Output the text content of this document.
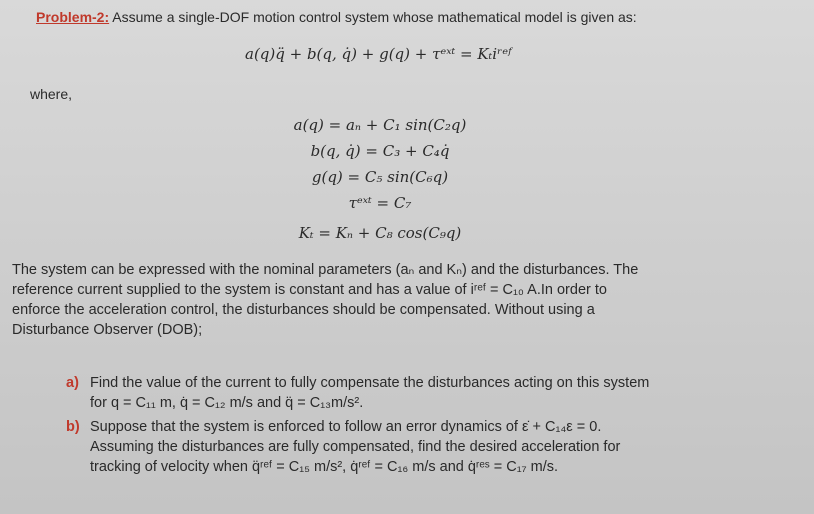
Problem-2: Assume a single-DOF motion control system whose mathematical model is given as:
a(q)q̈ + b(q, q̇) + g(q) + τᵉˣᵗ = Kₜiʳᵉᶠ
where,
a(q) = aₙ + C₁ sin(C₂q)
b(q, q̇) = C₃ + C₄q̇
g(q) = C₅ sin(C₆q)
τᵉˣᵗ = C₇
Kₜ = Kₙ + C₈ cos(C₉q)
The system can be expressed with the nominal parameters (aₙ and Kₙ) and the disturbances. The
reference current supplied to the system is constant and has a value of iʳᵉᶠ = C₁₀ A.In order to
enforce the acceleration control, the disturbances should be compensated. Without using a
Disturbance Observer (DOB);
a) Find the value of the current to fully compensate the disturbances acting on this system
for q = C₁₁ m, q̇ = C₁₂ m/s and q̈ = C₁₃m/s².
b) Suppose that the system is enforced to follow an error dynamics of ε̇ + C₁₄ε = 0.
Assuming the disturbances are fully compensated, find the desired acceleration for
tracking of velocity when q̈ʳᵉᶠ = C₁₅ m/s², q̇ʳᵉᶠ = C₁₆ m/s and q̇ʳᵉˢ = C₁₇ m/s.
